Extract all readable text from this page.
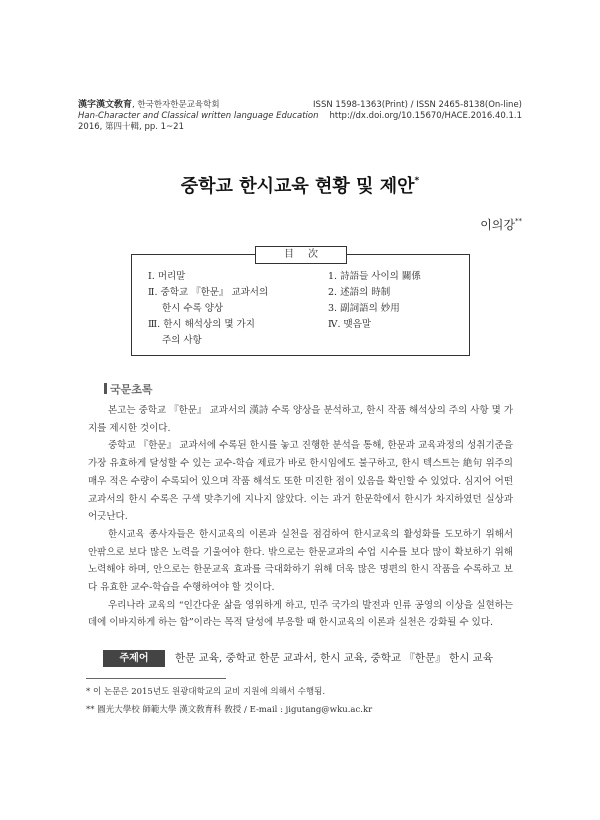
漢字漢文敎育, 한국한자한문교육학회
Han-Character and Classical written language Education
2016, 第四十輯, pp. 1~21
ISSN 1598-1363(Print) / ISSN 2465-8138(On-line)
http://dx.doi.org/10.15670/HACE.2016.40.1.1
중학교 한시교육 현황 및 제안*
이의강**
目次
Ⅰ. 머리말
Ⅱ. 중학교 『한문』 교과서의
한시 수록 양상
Ⅲ. 한시 해석상의 몇 가지
주의 사항
1. 詩語들 사이의 關係
2. 述語의 時制
3. 副詞語의 妙用
Ⅳ. 맺음말
국문초록

본고는 중학교 『한문』 교과서의 漢詩 수록 양상을 분석하고, 한시 작품 해석상의 주의 사항 몇 가지를 제시한 것이다.

중학교 『한문』 교과서에 수록된 한시를 놓고 진행한 분석을 통해, 한문과 교육과정의 성취기준을 가장 유효하게 달성할 수 있는 교수-학습 제료가 바로 한시임에도 불구하고, 한시 텍스트는 絶句 위주의 매우 적은 수량이 수록되어 있으며 작품 해석도 또한 미진한 점이 있음을 확인할 수 있었다. 심지어 어떤 교과서의 한시 수록은 구색 맞추기에 지나지 않았다. 이는 과거 한문학에서 한시가 차지하였던 실상과 어긋난다.

한시교육 종사자들은 한시교육의 이론과 실천을 점검하여 한시교육의 활성화를 도모하기 위해서 안팎으로 보다 많은 노력을 기울여야 한다. 밖으로는 한문교과의 수업 시수를 보다 많이 확보하기 위해 노력해야 하며, 안으로는 한문교육 효과를 극대화하기 위해 더욱 많은 명편의 한시 작품을 수록하고 보다 유효한 교수-학습을 수행하여야 할 것이다.

우리나라 교육의 “인간다운 삶을 영위하게 하고, 민주 국가의 발전과 인류 공영의 이상을 실현하는 데에 이바지하게 하는 함”이라는 목적 달성에 부응할 때 한시교육의 이론과 실천은 강화될 수 있다.

주제어	한문 교육, 중학교 한문 교과서, 한시 교육, 중학교 『한문』 한시 교육
* 이 논문은 2015년도 원광대학교의 교비 지원에 의해서 수행됨.
** 圓光大學校 師範大學 漢文敎育科 敎授 / E-mail : jigutang@wku.ac.kr
